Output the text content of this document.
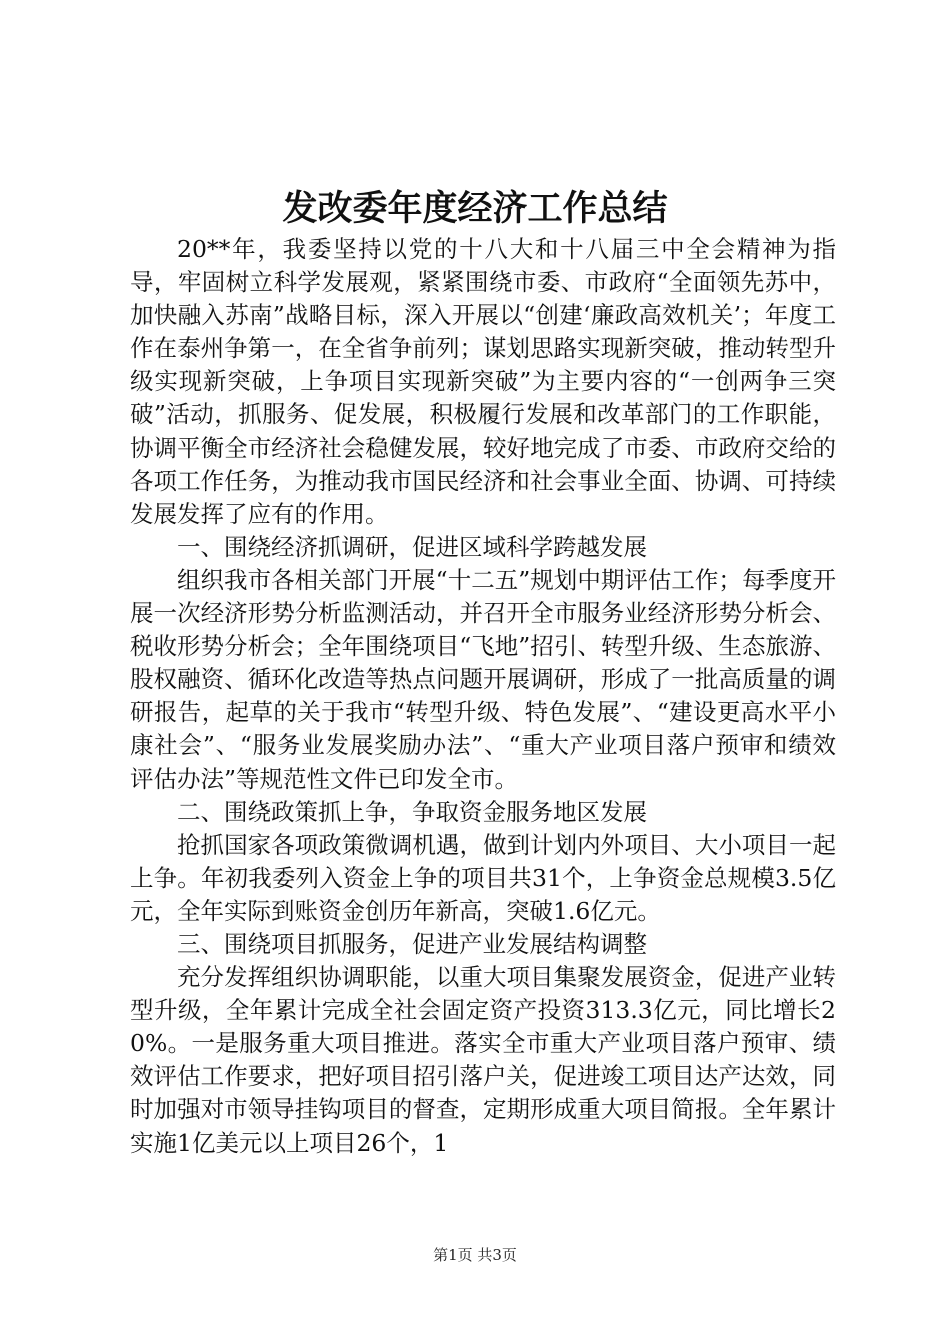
发改委年度经济工作总结

20**年，我委坚持以党的十八大和十八届三中全会精神为指导，牢固树立科学发展观，紧紧围绕市委、市政府“全面领先苏中，加快融入苏南”战略目标，深入开展以“创建‘廉政高效机关’；年度工作在泰州争第一，在全省争前列；谋划思路实现新突破，推动转型升级实现新突破，上争项目实现新突破”为主要内容的“一创两争三突破”活动，抓服务、促发展，积极履行发展和改革部门的工作职能，协调平衡全市经济社会稳健发展，较好地完成了市委、市政府交给的各项工作任务，为推动我市国民经济和社会事业全面、协调、可持续发展发挥了应有的作用。

一、围绕经济抓调研，促进区域科学跨越发展

组织我市各相关部门开展“十二五”规划中期评估工作；每季度开展一次经济形势分析监测活动，并召开全市服务业经济形势分析会、税收形势分析会；全年围绕项目“飞地”招引、转型升级、生态旅游、股权融资、循环化改造等热点问题开展调研，形成了一批高质量的调研报告，起草的关于我市“转型升级、特色发展”、“建设更高水平小康社会”、“服务业发展奖励办法”、“重大产业项目落户预审和绩效评估办法”等规范性文件已印发全市。

二、围绕政策抓上争，争取资金服务地区发展

抢抓国家各项政策微调机遇，做到计划内外项目、大小项目一起上争。年初我委列入资金上争的项目共31个，上争资金总规模3.5亿元，全年实际到账资金创历年新高，突破1.6亿元。

三、围绕项目抓服务，促进产业发展结构调整

充分发挥组织协调职能，以重大项目集聚发展资金，促进产业转型升级，全年累计完成全社会固定资产投资313.3亿元，同比增长20%。一是服务重大项目推进。落实全市重大产业项目落户预审、绩效评估工作要求，把好项目招引落户关，促进竣工项目达产达效，同时加强对市领导挂钩项目的督查，定期形成重大项目简报。全年累计实施1亿美元以上项目26个，1

第1页 共3页
